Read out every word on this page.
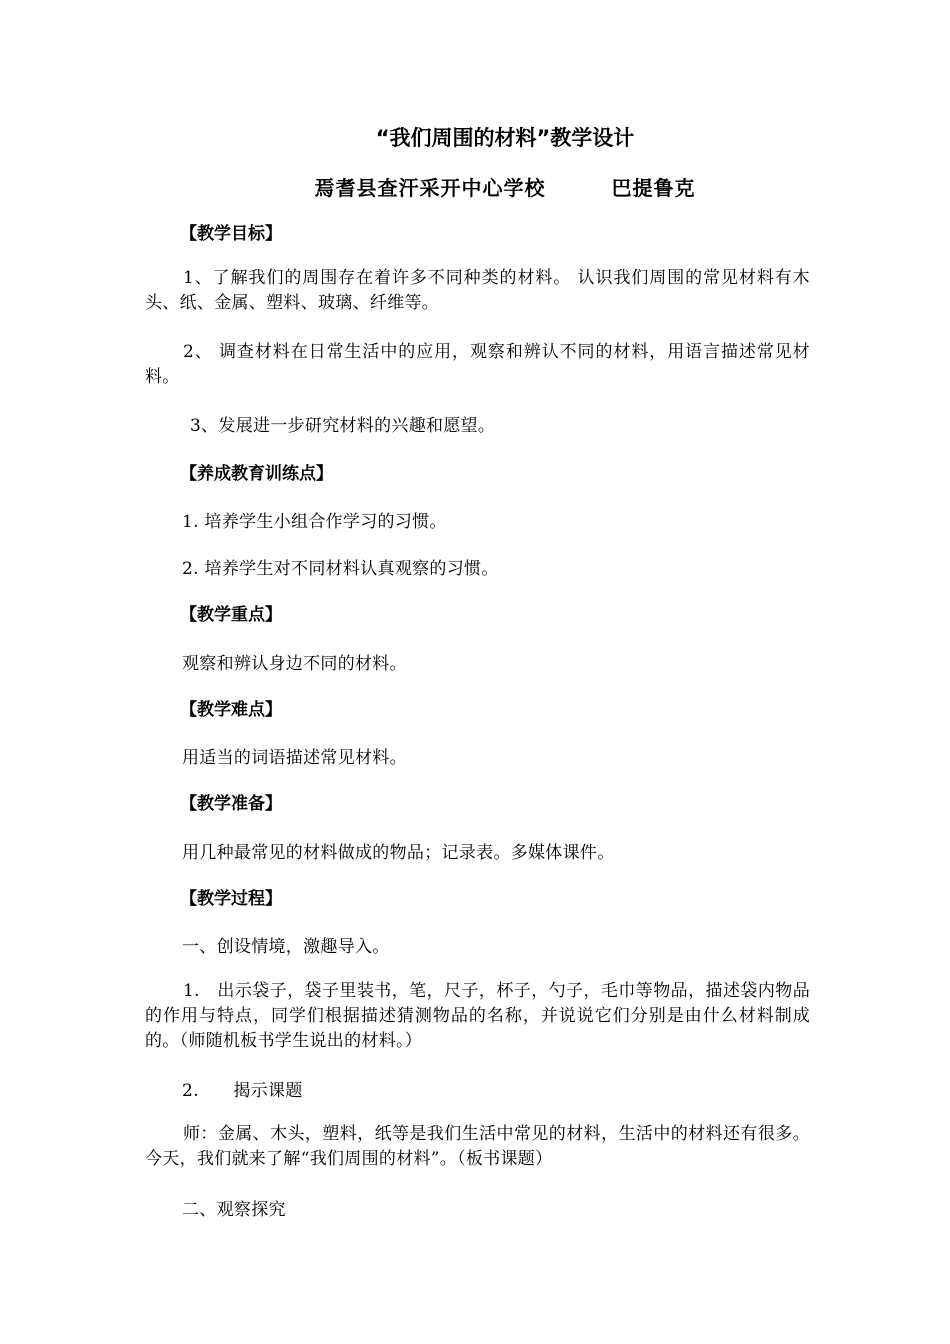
“我们周围的材料”教学设计
焉耆县查汗采开中心学校	巴提鲁克
【教学目标】
1、了解我们的周围存在着许多不同种类的材料。 认识我们周围的常见材料有木头、纸、金属、塑料、玻璃、纤维等。
2、 调查材料在日常生活中的应用，观察和辨认不同的材料，用语言描述常见材料。
3、发展进一步研究材料的兴趣和愿望。
【养成教育训练点】
1. 培养学生小组合作学习的习惯。
2. 培养学生对不同材料认真观察的习惯。
【教学重点】
观察和辨认身边不同的材料。
【教学难点】
用适当的词语描述常见材料。
【教学准备】
用几种最常见的材料做成的物品；记录表。多媒体课件。
【教学过程】
一、创设情境，激趣导入。
1.　出示袋子，袋子里装书，笔，尺子，杯子，勺子，毛巾等物品，描述袋内物品的作用与特点，同学们根据描述猜测物品的名称，并说说它们分别是由什么材料制成的。（师随机板书学生说出的材料。）
2.　　揭示课题
师：金属、木头，塑料，纸等是我们生活中常见的材料，生活中的材料还有很多。今天，我们就来了解“我们周围的材料”。（板书课题）
二、观察探究
